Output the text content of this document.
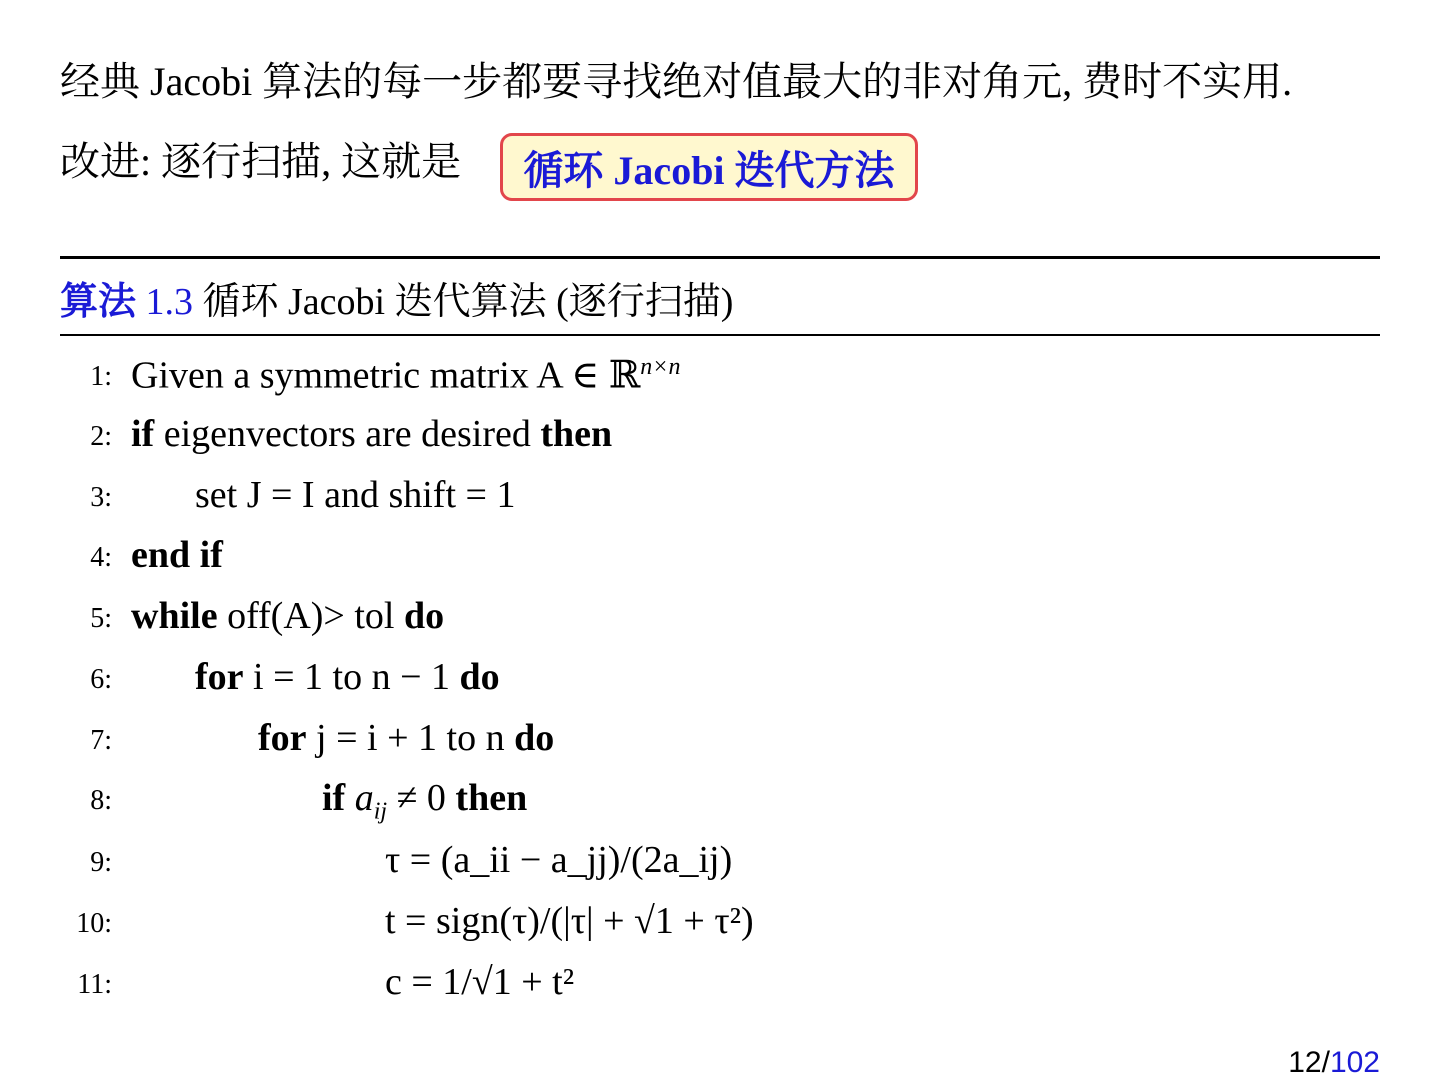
经典 Jacobi 算法的每一步都要寻找绝对值最大的非对角元, 费时不实用.
改进: 逐行扫描, 这就是	循环 Jacobi 迭代方法
算法 1.3 循环 Jacobi 迭代算法 (逐行扫描)
1: Given a symmetric matrix A ∈ ℝ$^{n\times n}$
2: if eigenvectors are desired then
3: set J = I and shift = 1
4: end if
5: while off(A)> tol do
6: for i = 1 to n − 1 do
7:	for j = i + 1 to n do
8:	if $a_{ij} \ne 0$ then
9:	τ = (a_ii − a_jj)/(2a_ij)
10:	t = sign(τ)/(|τ| + √1 + τ²)
11:	c = 1/√1 + t²
12/102
